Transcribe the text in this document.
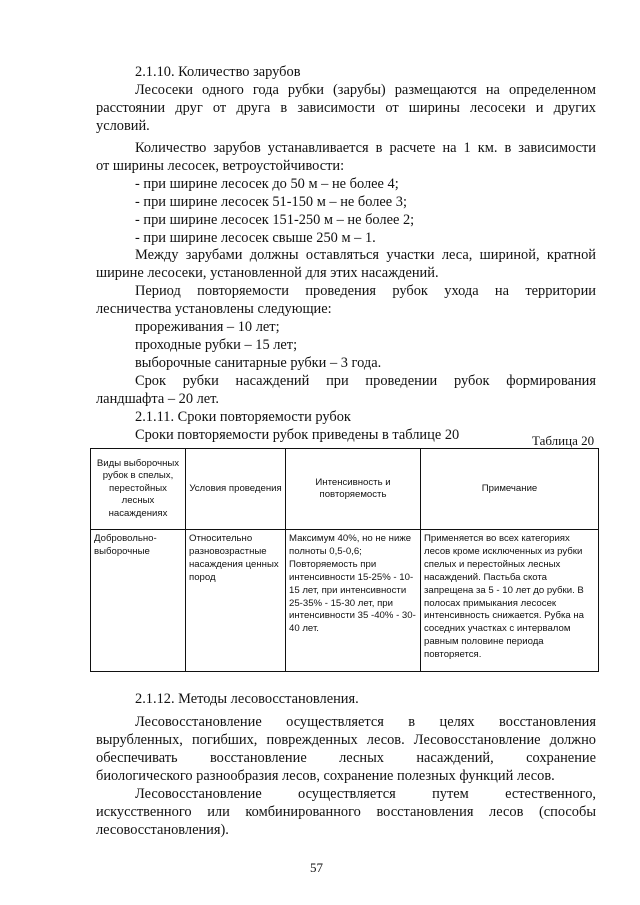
2.1.10. Количество зарубов
Лесосеки одного года рубки (зарубы) размещаются на определенном
расстоянии друг от друга в зависимости от ширины лесосеки и других
условий.
Количество зарубов устанавливается в расчете на 1 км. в зависимости
от ширины лесосек, ветроустойчивости:
- при ширине лесосек до 50 м – не более 4;
- при ширине лесосек 51-150 м – не более 3;
- при ширине лесосек 151-250 м – не более 2;
- при ширине лесосек свыше 250 м – 1.
Между зарубами должны оставляться участки леса, шириной, кратной
ширине лесосеки, установленной для этих насаждений.
Период повторяемости проведения рубок ухода на территории
лесничества установлены следующие:
прореживания – 10 лет;
проходные рубки – 15 лет;
выборочные санитарные рубки – 3 года.
Срок рубки насаждений при проведении рубок формирования
ландшафта – 20 лет.
2.1.11. Сроки повторяемости рубок
Сроки повторяемости рубок приведены в таблице 20	Таблица 20
Виды выборочных рубок в спелых, перестойных лесных насаждениях	Условия проведения	Интенсивность и повторяемость	Примечание
Добровольно-выборочные	Относительно разновозрастные насаждения ценных пород	Максимум 40%, но не ниже полноты 0,5-0,6; Повторяемость при интенсивности 15-25% - 10-15 лет, при интенсивности 25-35% - 15-30 лет, при интенсивности 35 -40% - 30-40 лет.	Применяется во всех категориях лесов кроме исключенных из рубки спелых и перестойных лесных насаждений. Пастьба скота запрещена за 5 - 10 лет до рубки. В полосах примыкания лесосек интенсивность снижается. Рубка на соседних участках с интервалом равным половине периода повторяется.
2.1.12. Методы лесовосстановления.
Лесовосстановление осуществляется в целях восстановления
вырубленных, погибших, поврежденных лесов. Лесовосстановление должно
обеспечивать восстановление лесных насаждений, сохранение
биологического разнообразия лесов, сохранение полезных функций лесов.
Лесовосстановление осуществляется путем естественного,
искусственного или комбинированного восстановления лесов (способы
лесовосстановления).
57
